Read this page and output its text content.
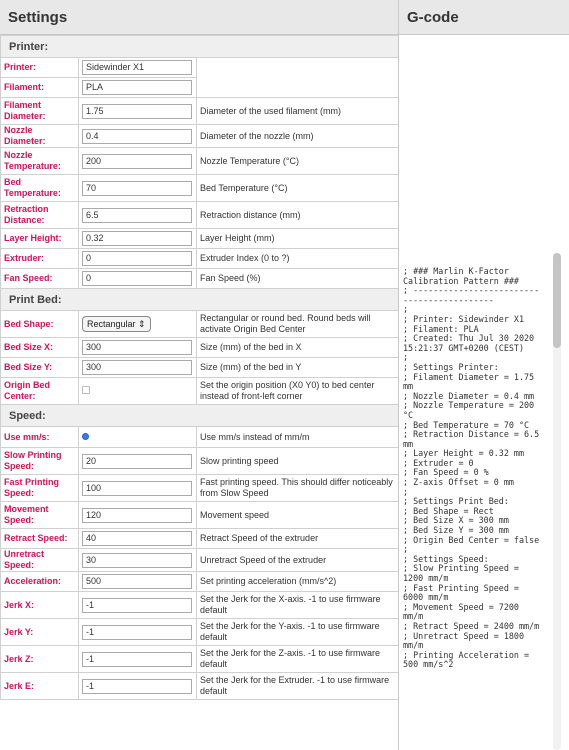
Settings	G-code
Printer:		
Printer:	Sidewinder X1	

Filament:	PLA	

Filament Diameter:	1.75	Diameter of the used filament (mm)
Nozzle Diameter:	0.4	Diameter of the nozzle (mm)
Nozzle Temperature:	200	Nozzle Temperature (°C)
Bed Temperature:	70	Bed Temperature (°C)
Retraction Distance:	6.5	Retraction distance (mm)
Layer Height:	0.32	Layer Height (mm)
Extruder:	0	Extruder Index (0 to ?)
Fan Speed:	0	Fan Speed (%)
Print Bed:		
Bed Shape:	Rectangular ⇕	Rectangular or round bed. Round beds will activate Origin Bed Center
Bed Size X:	300	Size (mm) of the bed in X
Bed Size Y:	300	Size (mm) of the bed in Y
Origin Bed Center:		Set the origin position (X0 Y0) to bed center instead of front-left corner
Speed:		
Use mm/s:		Use mm/s instead of mm/m
Slow Printing Speed:	20	Slow printing speed
Fast Printing Speed:	100	Fast printing speed. This should differ noticeably from Slow Speed
Movement Speed:	120	Movement speed
Retract Speed:	40	Retract Speed of the extruder
Unretract Speed:	30	Unretract Speed of the extruder
Acceleration:	500	Set printing acceleration (mm/s^2)
Jerk X:	-1	Set the Jerk for the X-axis. -1 to use firmware default
Jerk Y:	-1	Set the Jerk for the Y-axis. -1 to use firmware default
Jerk Z:	-1	Set the Jerk for the Z-axis. -1 to use firmware default
Jerk E:	-1	Set the Jerk for the Extruder. -1 to use firmware default
; ### Marlin K-Factor Calibration Pattern ###
; -------------------------------------------
;
; Printer: Sidewinder X1
; Filament: PLA
; Created: Thu Jul 30 2020 15:21:37 GMT+0200 (CEST)
;
; Settings Printer:
; Filament Diameter = 1.75 mm
; Nozzle Diameter = 0.4 mm
; Nozzle Temperature = 200 °C
; Bed Temperature = 70 °C
; Retraction Distance = 6.5 mm
; Layer Height = 0.32 mm
; Extruder = 0
; Fan Speed = 0 %
; Z-axis Offset = 0 mm
;
; Settings Print Bed:
; Bed Shape = Rect
; Bed Size X = 300 mm
; Bed Size Y = 300 mm
; Origin Bed Center = false
;
; Settings Speed:
; Slow Printing Speed = 1200 mm/m
; Fast Printing Speed = 6000 mm/m
; Movement Speed = 7200 mm/m
; Retract Speed = 2400 mm/m
; Unretract Speed = 1800 mm/m
; Printing Acceleration = 500 mm/s^2
